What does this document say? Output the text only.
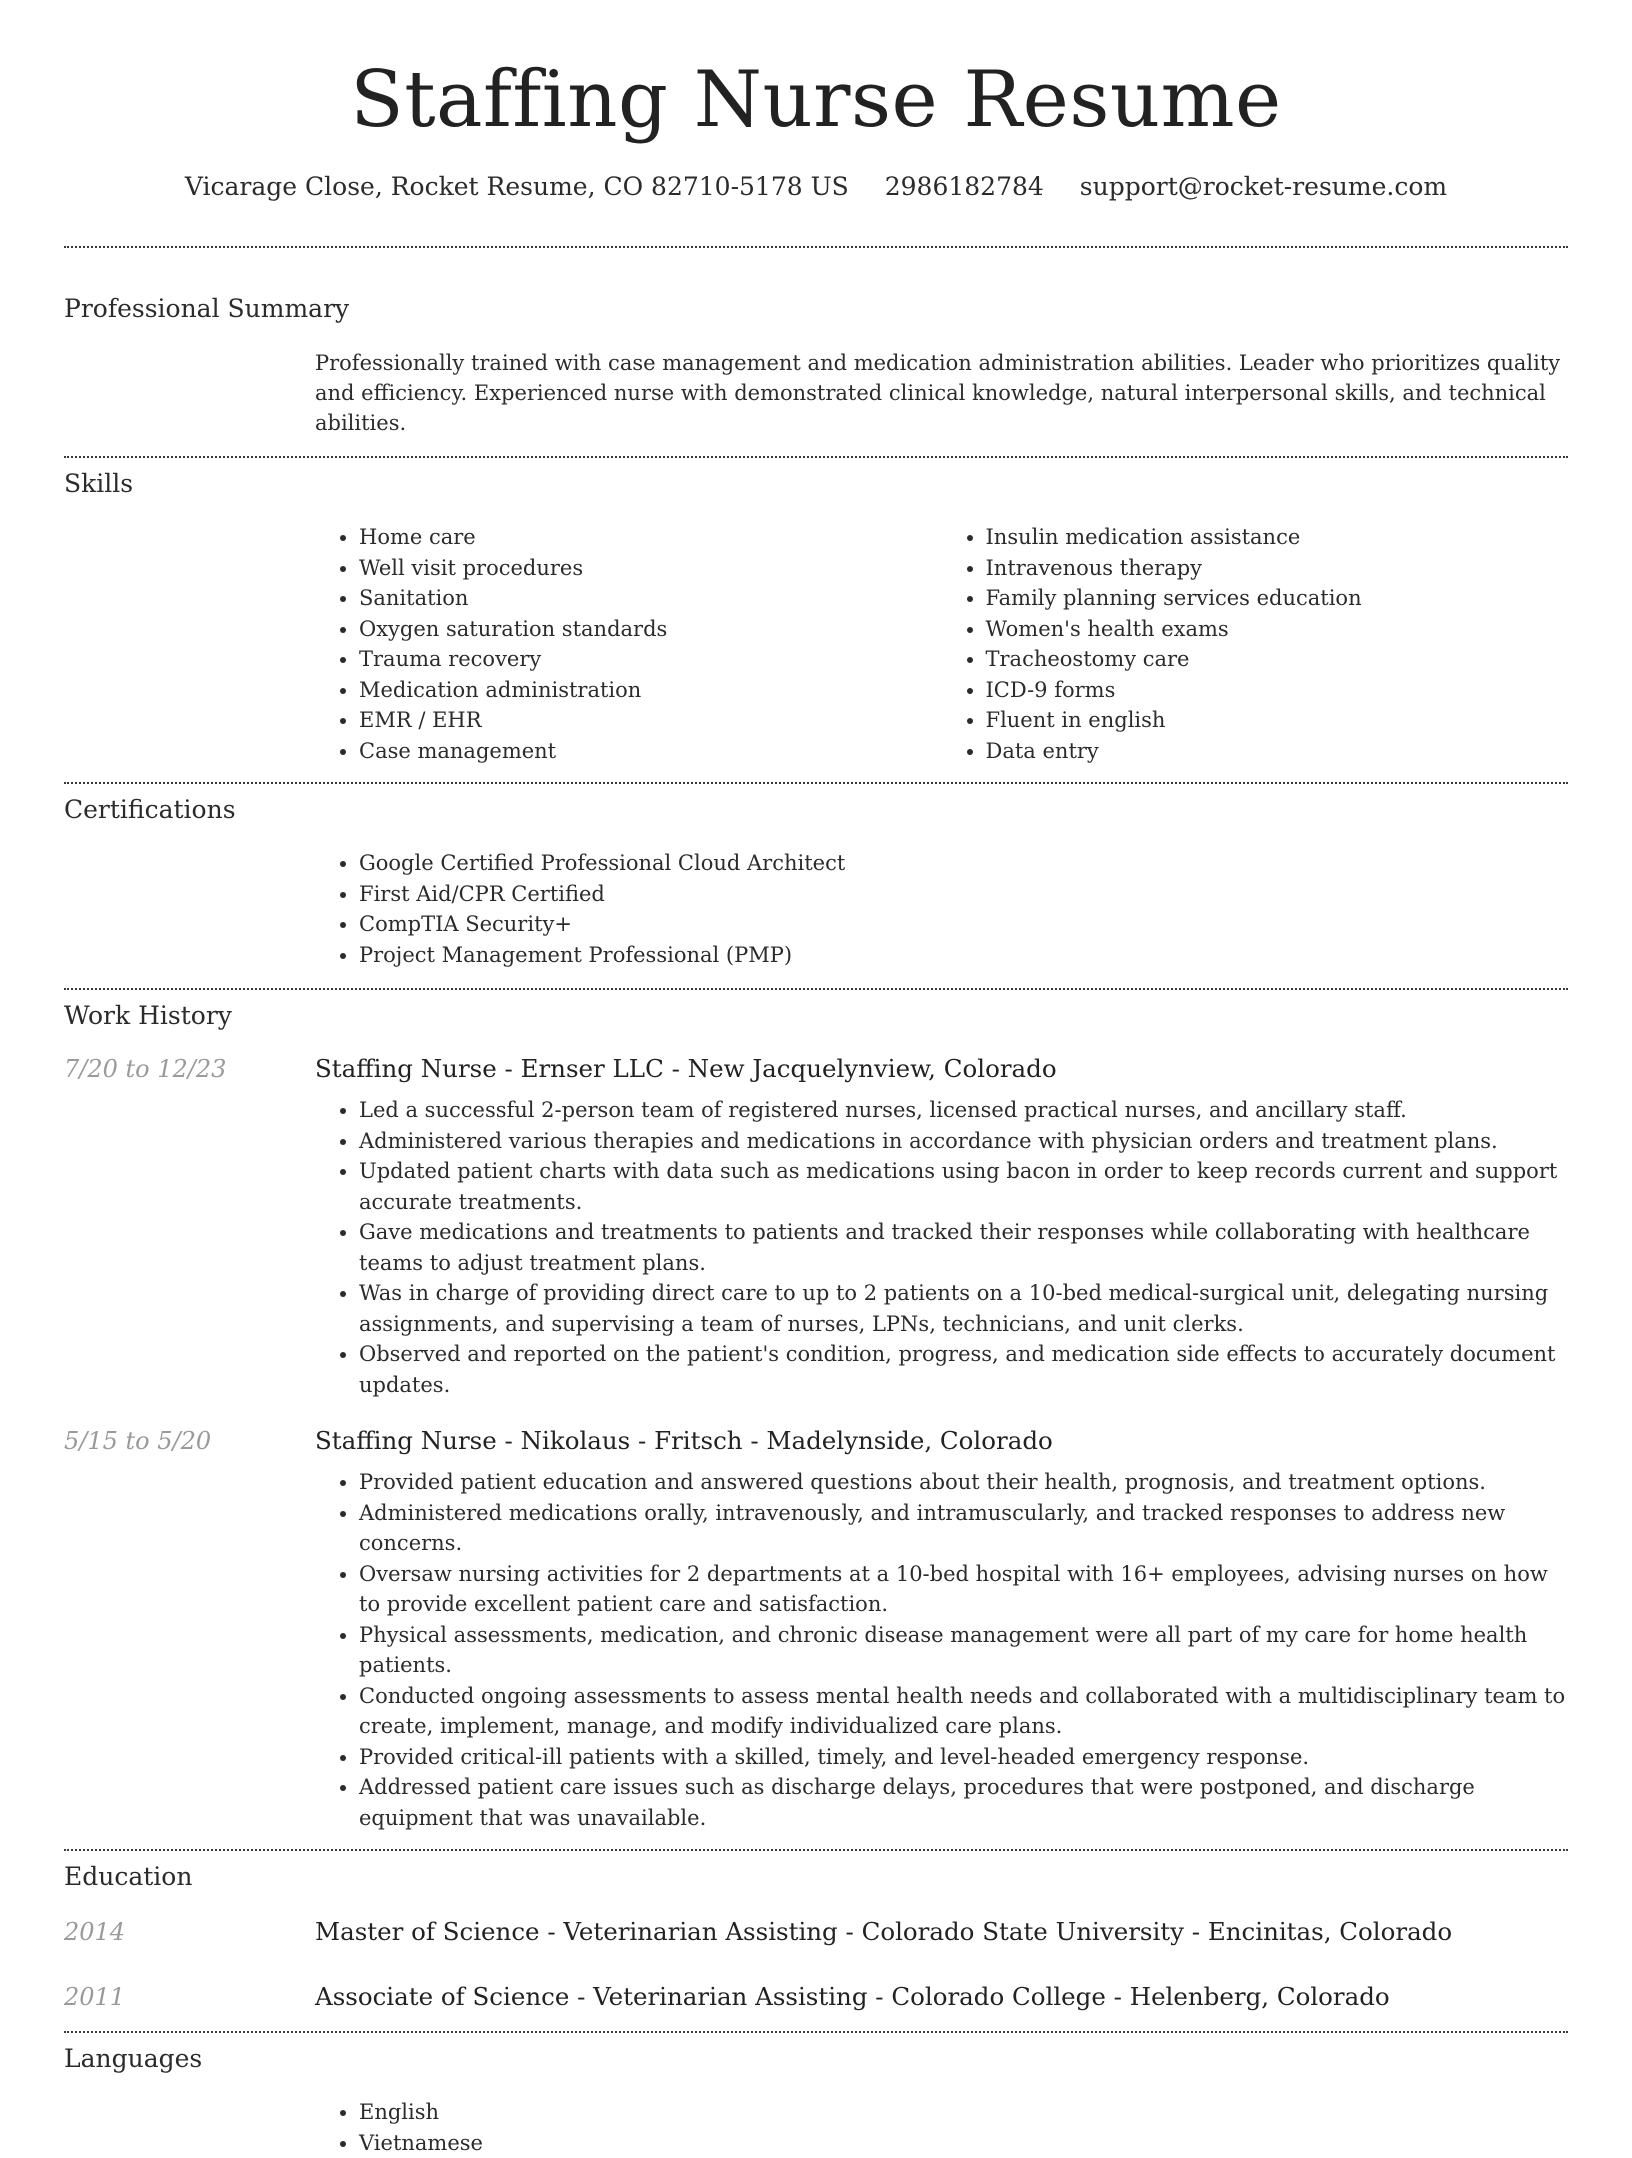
Staffing Nurse Resume
Vicarage Close, Rocket Resume, CO 82710-5178 US 2986182784 support@rocket-resume.com
Professional Summary

Professionally trained with case management and medication administration abilities. Leader who prioritizes quality and efficiency. Experienced nurse with demonstrated clinical knowledge, natural interpersonal skills, and technical abilities.

Skills
• Home care
• Well visit procedures
• Sanitation
• Oxygen saturation standards
• Trauma recovery
• Medication administration
• EMR / EHR
• Case management
• Insulin medication assistance
• Intravenous therapy
• Family planning services education
• Women's health exams
• Tracheostomy care
• ICD-9 forms
• Fluent in english
• Data entry
Certifications
• Google Certified Professional Cloud Architect
• First Aid/CPR Certified
• CompTIA Security+
• Project Management Professional (PMP)
Work History
7/20 to 12/23	Staffing Nurse - Ernser LLC - New Jacquelynview, Colorado
• Led a successful 2-person team of registered nurses, licensed practical nurses, and ancillary staff.
• Administered various therapies and medications in accordance with physician orders and treatment plans.
• Updated patient charts with data such as medications using bacon in order to keep records current and support accurate treatments.
• Gave medications and treatments to patients and tracked their responses while collaborating with healthcare teams to adjust treatment plans.
• Was in charge of providing direct care to up to 2 patients on a 10-bed medical-surgical unit, delegating nursing assignments, and supervising a team of nurses, LPNs, technicians, and unit clerks.
• Observed and reported on the patient's condition, progress, and medication side effects to accurately document updates.
5/15 to 5/20	Staffing Nurse - Nikolaus - Fritsch - Madelynside, Colorado
• Provided patient education and answered questions about their health, prognosis, and treatment options.
• Administered medications orally, intravenously, and intramuscularly, and tracked responses to address new concerns.
• Oversaw nursing activities for 2 departments at a 10-bed hospital with 16+ employees, advising nurses on how to provide excellent patient care and satisfaction.
• Physical assessments, medication, and chronic disease management were all part of my care for home health patients.
• Conducted ongoing assessments to assess mental health needs and collaborated with a multidisciplinary team to create, implement, manage, and modify individualized care plans.
• Provided critical-ill patients with a skilled, timely, and level-headed emergency response.
• Addressed patient care issues such as discharge delays, procedures that were postponed, and discharge equipment that was unavailable.
Education
2014	Master of Science - Veterinarian Assisting - Colorado State University - Encinitas, Colorado
2011	Associate of Science - Veterinarian Assisting - Colorado College - Helenberg, Colorado
Languages
• English
• Vietnamese
